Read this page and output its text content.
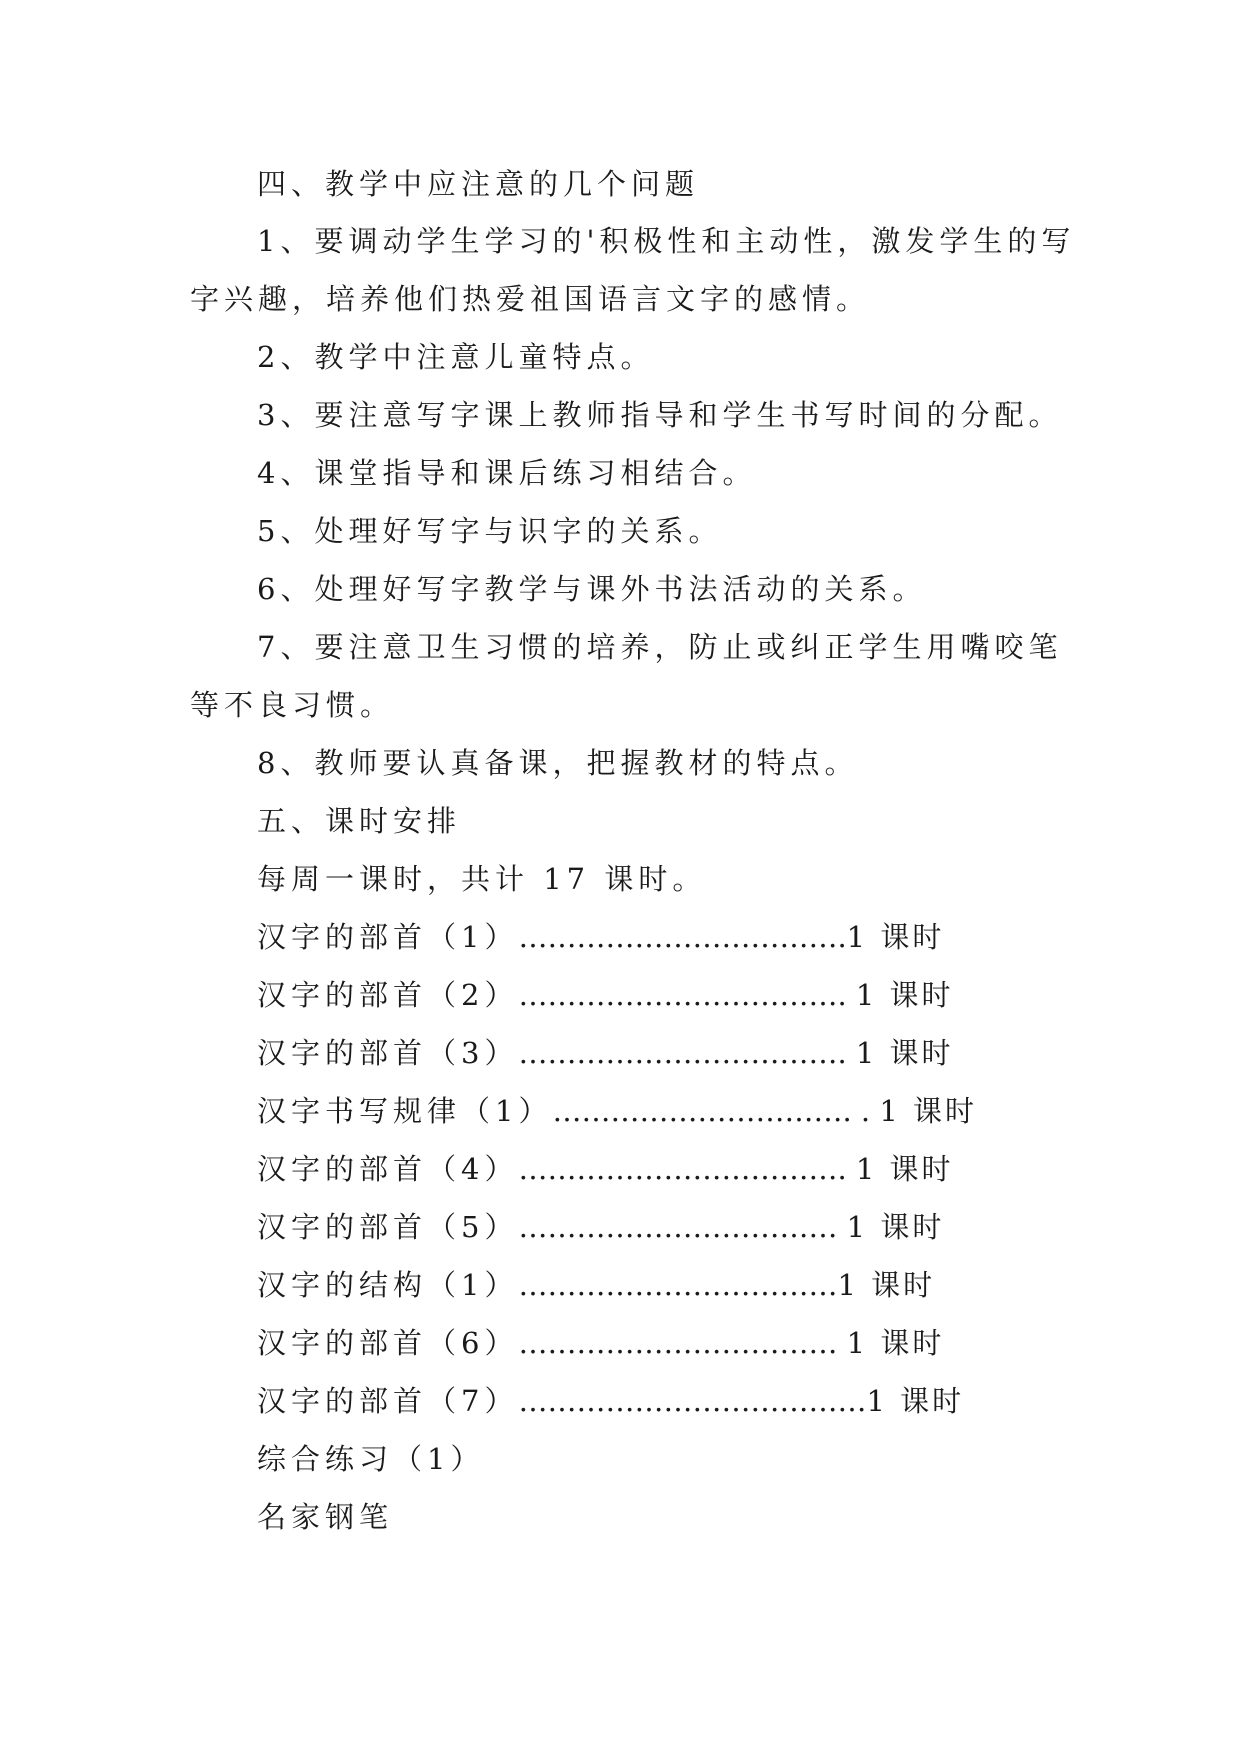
四、教学中应注意的几个问题
1、要调动学生学习的'积极性和主动性，激发学生的写
字兴趣，培养他们热爱祖国语言文字的感情。
2、教学中注意儿童特点。
3、要注意写字课上教师指导和学生书写时间的分配。
4、课堂指导和课后练习相结合。
5、处理好写字与识字的关系。
6、处理好写字教学与课外书法活动的关系。
7、要注意卫生习惯的培养，防止或纠正学生用嘴咬笔
等不良习惯。
8、教师要认真备课，把握教材的特点。
五、课时安排
每周一课时，共计 17 课时。
汉字的部首（1）…………………………….1 课时
汉字的部首（2）……………………………. 1 课时
汉字的部首（3）……………………………. 1 课时
汉字书写规律（1）…………………………. . 1 课时
汉字的部首（4）……………………………. 1 课时
汉字的部首（5）…………………………… 1 课时
汉字的结构（1）……………………………1 课时
汉字的部首（6）…………………………… 1 课时
汉字的部首（7）………………………………1 课时
综合练习（1）
名家钢笔
